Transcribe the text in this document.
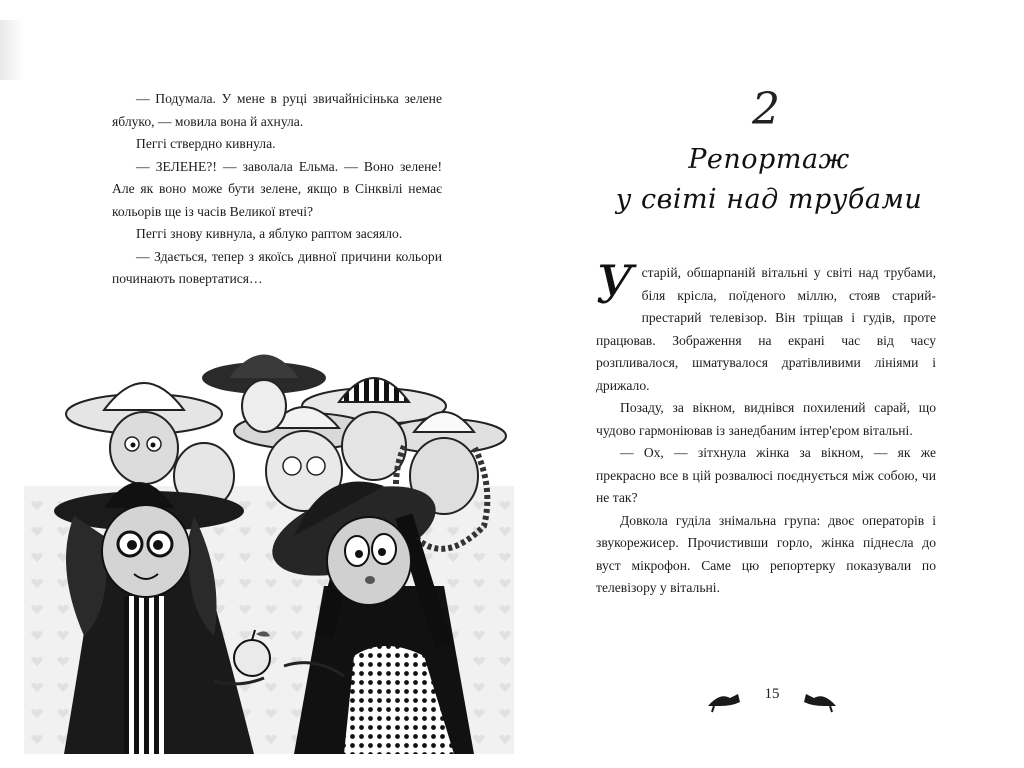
— Подумала. У мене в руці звичайнісінька зелене яблуко, — мовила вона й ахнула.

Пеггі ствердно кивнула.

— ЗЕЛЕНЕ?! — заволала Ельма. — Воно зелене! Але як воно може бути зелене, якщо в Сінквілі немає кольорів ще із часів Великої втечі?

Пеггі знову кивнула, а яблуко раптом засяяло.

— Здається, тепер з якоїсь дивної причини кольори починають повертатися…

2
Репортаж
у світі над трубами

Устарій, обшарпаній вітальні у світі над трубами, біля крісла, поїденого міллю, стояв старий-престарий телевізор. Він тріщав і гудів, проте працював. Зображення на екрані час від часу розпливалося, шматувалося дратівливими лініями і дрижало.

Позаду, за вікном, виднівся похилений сарай, що чудово гармоніював із занедбаним інтер'єром вітальні.

— Ох, — зітхнула жінка за вікном, — як же прекрасно все в цій розвалюсі поєднується між собою, чи не так?

Довкола гуділа знімальна група: двоє операторів і звукорежисер. Прочистивши горло, жінка піднесла до вуст мікрофон. Саме цю репортерку показували по телевізору у вітальні.

15
